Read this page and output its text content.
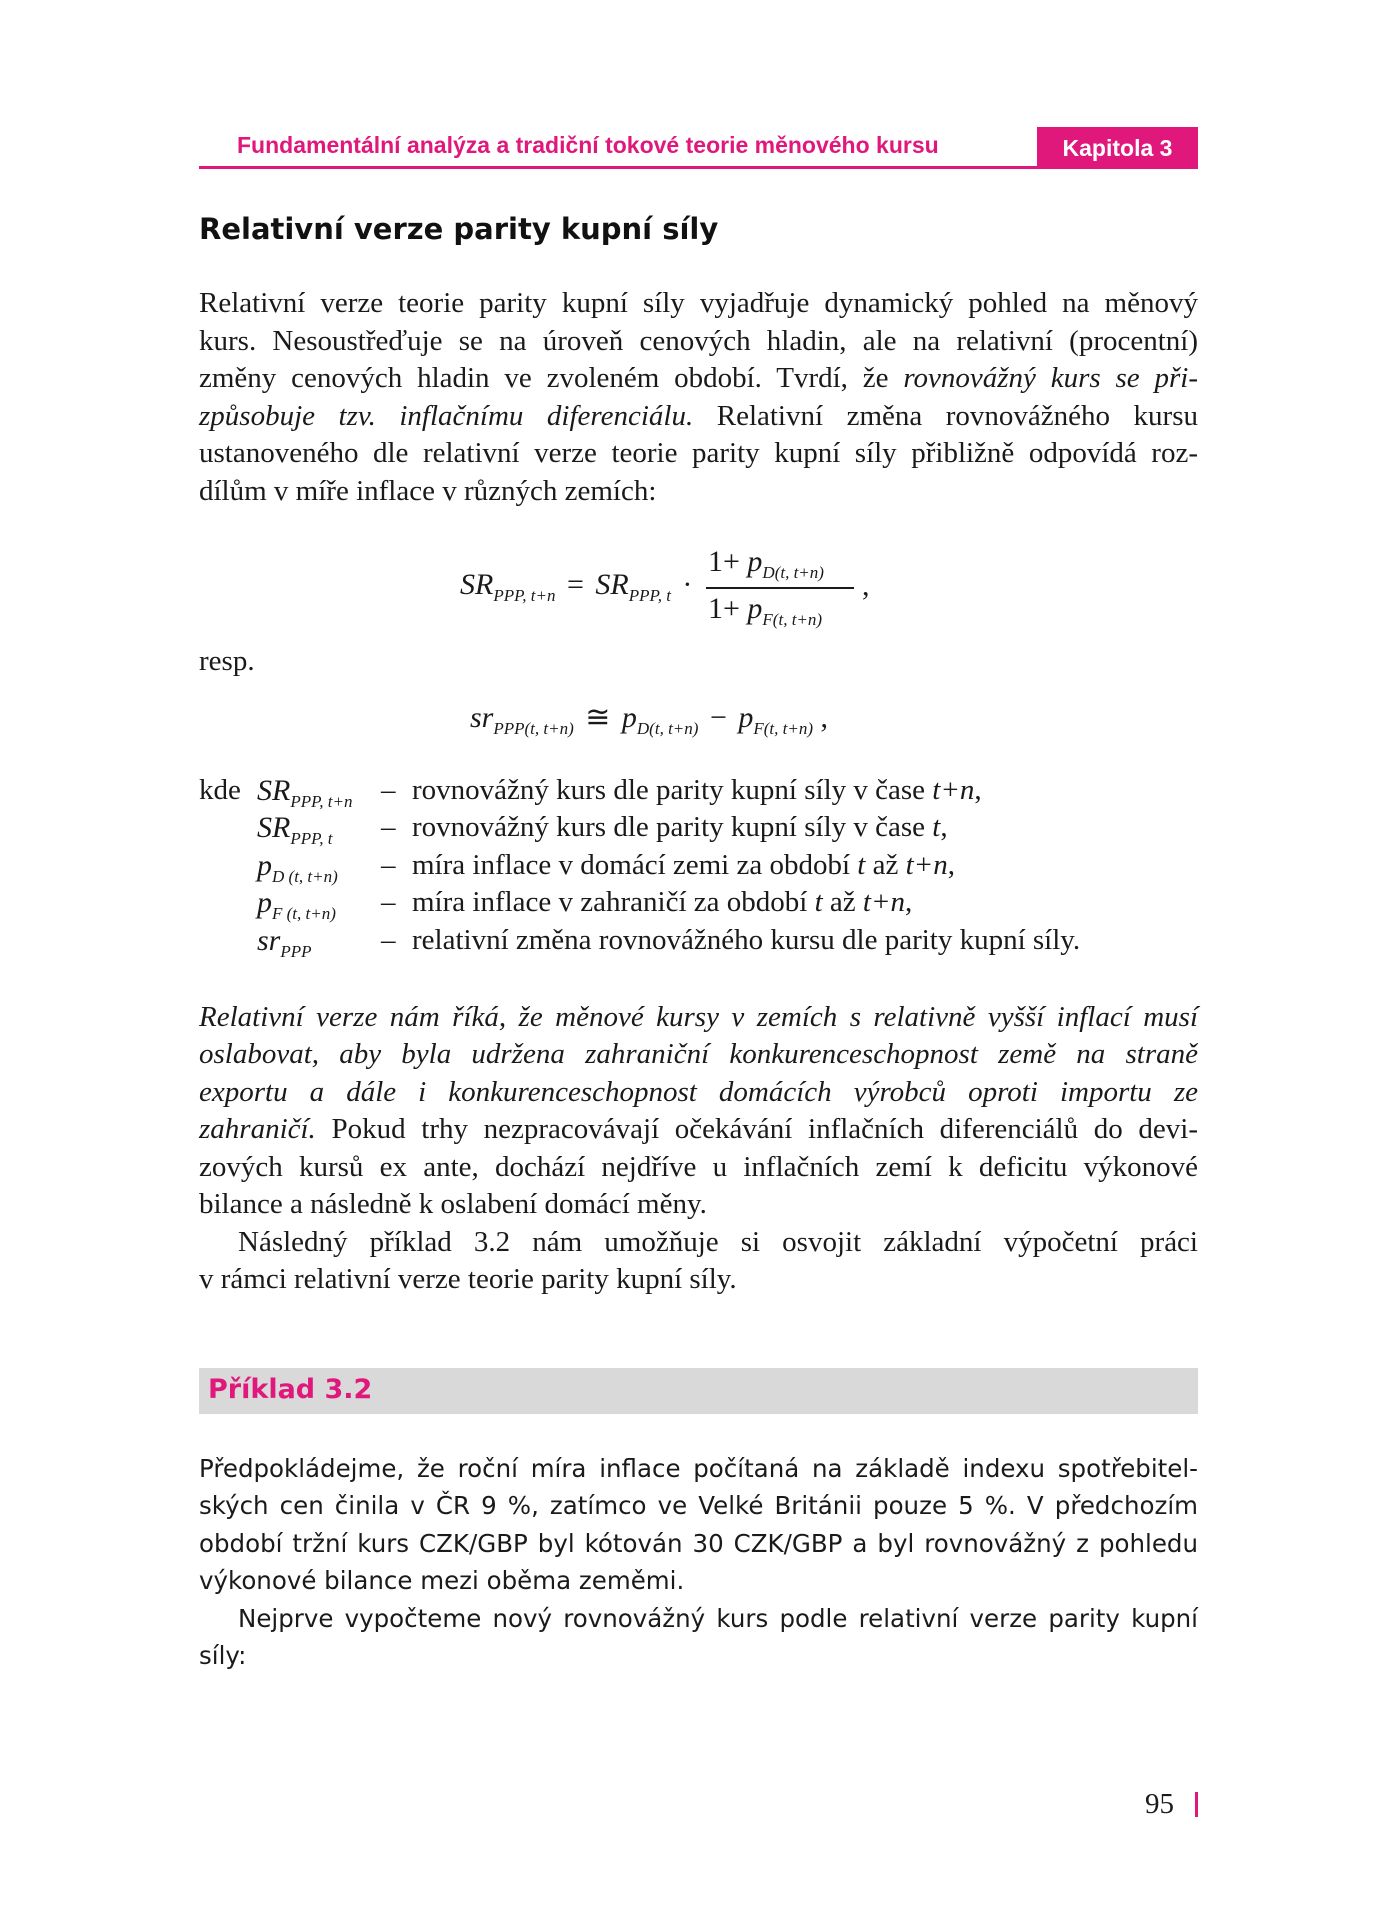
Fundamentální analýza a tradiční tokové teorie měnového kursu	Kapitola 3
Relativní verze parity kupní síly
Relativní verze teorie parity kupní síly vyjadřuje dynamický pohled na měnový
kurs. Nesoustřeďuje se na úroveň cenových hladin, ale na relativní (procentní)
změny cenových hladin ve zvoleném období. Tvrdí, že rovnovážný kurs se při-
způsobuje tzv. inflačnímu diferenciálu. Relativní změna rovnovážného kursu
ustanoveného dle relativní verze teorie parity kupní síly přibližně odpovídá roz-
dílům v míře inflace v různých zemích:
$SR_{PPP, t+n} = SR_{PPP, t}$ ·
$1+ p_{D(t, t+n)}$
$1+ p_{F(t, t+n)}$
,
resp.
$sr_{PPP(t, t+n)}$ ≅ $p_{D(t, t+n)} - p_{F(t, t+n)}$ ,
kde $SR_{PPP, t+n}$ – rovnovážný kurs dle parity kupní síly v čase t+n,
$SR_{PPP, t}$ – rovnovážný kurs dle parity kupní síly v čase t,
$p_{D (t, t+n)}$ – míra inflace v domácí zemi za období t až t+n,
$p_{F (t, t+n)}$ – míra inflace v zahraničí za období t až t+n,
$sr_{PPP}$ – relativní změna rovnovážného kursu dle parity kupní síly.
Relativní verze nám říká, že měnové kursy v zemích s relativně vyšší inflací musí
oslabovat, aby byla udržena zahraniční konkurenceschopnost země na straně
exportu a dále i konkurenceschopnost domácích výrobců oproti importu ze
zahraničí. Pokud trhy nezpracovávají očekávání inflačních diferenciálů do devi-
zových kursů ex ante, dochází nejdříve u inflačních zemí k deficitu výkonové
bilance a následně k oslabení domácí měny.
Následný příklad 3.2 nám umožňuje si osvojit základní výpočetní práci
v rámci relativní verze teorie parity kupní síly.
Příklad 3.2
Předpokládejme, že roční míra inflace počítaná na základě indexu spotřebitel-
ských cen činila v ČR 9 %, zatímco ve Velké Británii pouze 5 %. V předchozím
období tržní kurs CZK/GBP byl kótován 30 CZK/GBP a byl rovnovážný z pohledu
výkonové bilance mezi oběma zeměmi.
Nejprve vypočteme nový rovnovážný kurs podle relativní verze parity kupní
síly:
95
